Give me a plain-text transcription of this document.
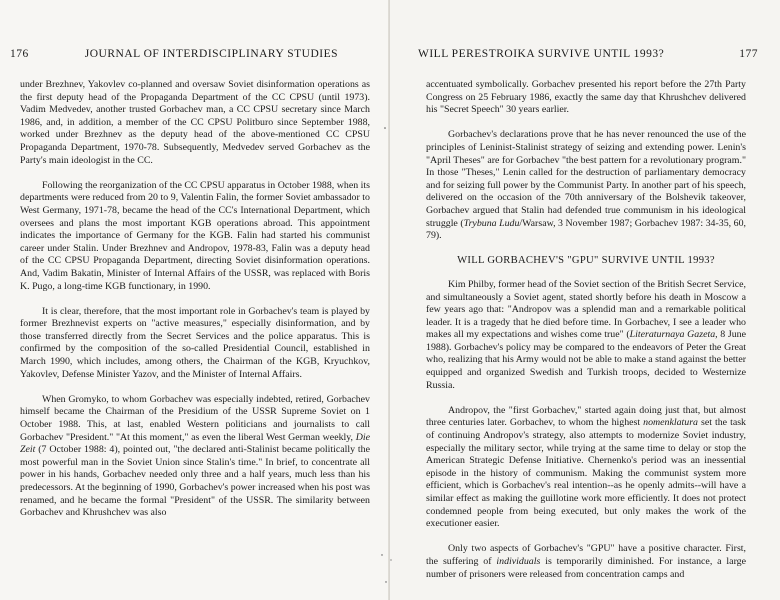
176	JOURNAL OF INTERDISCIPLINARY STUDIES

under Brezhnev, Yakovlev co-planned and oversaw Soviet disinformation operations as the first deputy head of the Propaganda Department of the CC CPSU (until 1973). Vadim Medvedev, another trusted Gorbachev man, a CC CPSU secretary since March 1986, and, in addition, a member of the CC CPSU Politburo since September 1988, worked under Brezhnev as the deputy head of the above-mentioned CC CPSU Propaganda Department, 1970-78. Subsequently, Medvedev served Gorbachev as the Party's main ideologist in the CC.

Following the reorganization of the CC CPSU apparatus in October 1988, when its departments were reduced from 20 to 9, Valentin Falin, the former Soviet ambassador to West Germany, 1971-78, became the head of the CC's International Department, which oversees and plans the most important KGB operations abroad. This appointment indicates the importance of Germany for the KGB. Falin had started his communist career under Stalin. Under Brezhnev and Andropov, 1978-83, Falin was a deputy head of the CC CPSU Propaganda Department, directing Soviet disinformation operations. And, Vadim Bakatin, Minister of Internal Affairs of the USSR, was replaced with Boris K. Pugo, a long-time KGB functionary, in 1990.

It is clear, therefore, that the most important role in Gorbachev's team is played by former Brezhnevist experts on "active measures," especially disinformation, and by those transferred directly from the Secret Services and the police apparatus. This is confirmed by the composition of the so-called Presidential Council, established in March 1990, which includes, among others, the Chairman of the KGB, Kryuchkov, Yakovlev, Defense Minister Yazov, and the Minister of Internal Affairs.

When Gromyko, to whom Gorbachev was especially indebted, retired, Gorbachev himself became the Chairman of the Presidium of the USSR Supreme Soviet on 1 October 1988. This, at last, enabled Western politicians and journalists to call Gorbachev "President." "At this moment," as even the liberal West German weekly, Die Zeit (7 October 1988: 4), pointed out, "the declared anti-Stalinist became politically the most powerful man in the Soviet Union since Stalin's time." In brief, to concentrate all power in his hands, Gorbachev needed only three and a half years, much less than his predecessors. At the beginning of 1990, Gorbachev's power increased when his post was renamed, and he became the formal "President" of the USSR. The similarity between Gorbachev and Khrushchev was also

WILL PERESTROIKA SURVIVE UNTIL 1993?	177

accentuated symbolically. Gorbachev presented his report before the 27th Party Congress on 25 February 1986, exactly the same day that Khrushchev delivered his "Secret Speech" 30 years earlier.

Gorbachev's declarations prove that he has never renounced the use of the principles of Leninist-Stalinist strategy of seizing and extending power. Lenin's "April Theses" are for Gorbachev "the best pattern for a revolutionary program." In those "Theses," Lenin called for the destruction of parliamentary democracy and for seizing full power by the Communist Party. In another part of his speech, delivered on the occasion of the 70th anniversary of the Bolshevik takeover, Gorbachev argued that Stalin had defended true communism in his ideological struggle (Trybuna Ludu/Warsaw, 3 November 1987; Gorbachev 1987: 34-35, 60, 79).

WILL GORBACHEV'S "GPU" SURVIVE UNTIL 1993?

Kim Philby, former head of the Soviet section of the British Secret Service, and simultaneously a Soviet agent, stated shortly before his death in Moscow a few years ago that: "Andropov was a splendid man and a remarkable political leader. It is a tragedy that he died before time. In Gorbachev, I see a leader who makes all my expectations and wishes come true" (Literaturnaya Gazeta, 8 June 1988). Gorbachev's policy may be compared to the endeavors of Peter the Great who, realizing that his Army would not be able to make a stand against the better equipped and organized Swedish and Turkish troops, decided to Westernize Russia.

Andropov, the "first Gorbachev," started again doing just that, but almost three centuries later. Gorbachev, to whom the highest nomenklatura set the task of continuing Andropov's strategy, also attempts to modernize Soviet industry, especially the military sector, while trying at the same time to delay or stop the American Strategic Defense Initiative. Chernenko's period was an inessential episode in the history of communism. Making the communist system more efficient, which is Gorbachev's real intention--as he openly admits--will have a similar effect as making the guillotine work more efficiently. It does not protect condemned people from being executed, but only makes the work of the executioner easier.

Only two aspects of Gorbachev's "GPU" have a positive character. First, the suffering of individuals is temporarily diminished. For instance, a large number of prisoners were released from concentration camps and
